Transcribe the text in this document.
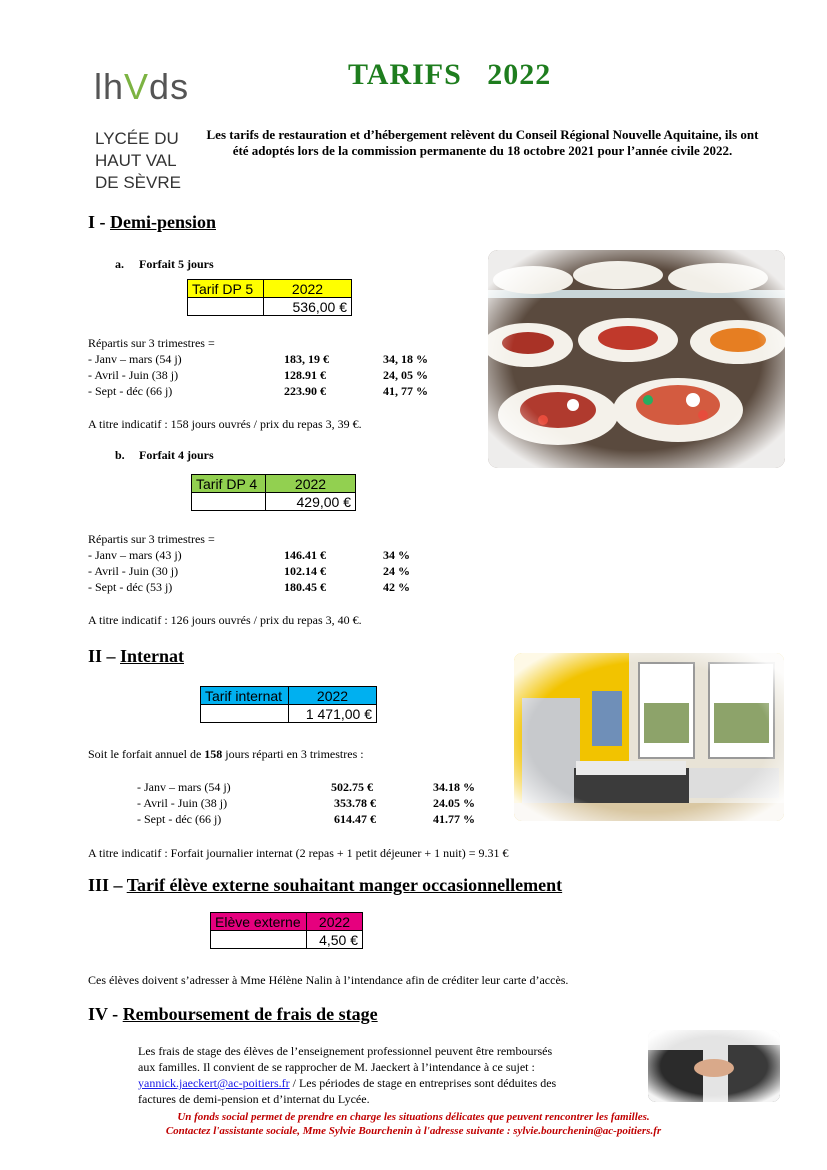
lhVds
LYCÉE DU
HAUT VAL
DE SÈVRE
TARIFS   2022
Les tarifs de restauration et d’hébergement relèvent du Conseil Régional Nouvelle Aquitaine, ils ont été adoptés lors de la commission permanente du 18 octobre 2021 pour l’année civile 2022.
I - Demi-pension
a. Forfait 5 jours
Tarif DP 5	2022
	536,00 €
Répartis sur 3 trimestres =
- Janv – mars (54 j)	183, 19 €	34, 18 %
- Avril - Juin (38 j)	128.91 €	24, 05 %
- Sept - déc (66 j)	223.90 €	41, 77 %
A titre indicatif : 158 jours ouvrés / prix du repas 3, 39 €.
b. Forfait 4 jours
Tarif DP 4	2022
	429,00 €
Répartis sur 3 trimestres =
- Janv – mars (43 j)	146.41 €	34 %
- Avril - Juin (30 j)	102.14 €	24 %
- Sept - déc (53 j)	180.45 €	42 %
A titre indicatif : 126 jours ouvrés / prix du repas 3, 40 €.
II – Internat
Tarif internat	2022
	1 471,00 €
Soit le forfait annuel de 158 jours réparti en 3 trimestres :
- Janv – mars (54 j)	502.75 €	34.18 %
- Avril - Juin (38 j)	353.78 €	24.05 %
- Sept - déc (66 j)	614.47 €	41.77 %
A titre indicatif : Forfait journalier internat (2 repas + 1 petit déjeuner + 1 nuit) = 9.31 €
III – Tarif élève externe souhaitant manger occasionnellement
Elève externe	2022
	4,50 €
Ces élèves doivent s’adresser à Mme Hélène Nalin à l’intendance afin de créditer leur carte d’accès.
IV - Remboursement de frais de stage
Les frais de stage des élèves de l’enseignement professionnel peuvent être remboursés
aux familles. Il convient de se rapprocher de M. Jaeckert à l’intendance à ce sujet :
yannick.jaeckert@ac-poitiers.fr / Les périodes de stage en entreprises sont déduites des
factures de demi-pension et d’internat du Lycée.
Un fonds social permet de prendre en charge les situations délicates que peuvent rencontrer les familles.
Contactez l'assistante sociale, Mme Sylvie Bourchenin à l'adresse suivante : sylvie.bourchenin@ac-poitiers.fr
